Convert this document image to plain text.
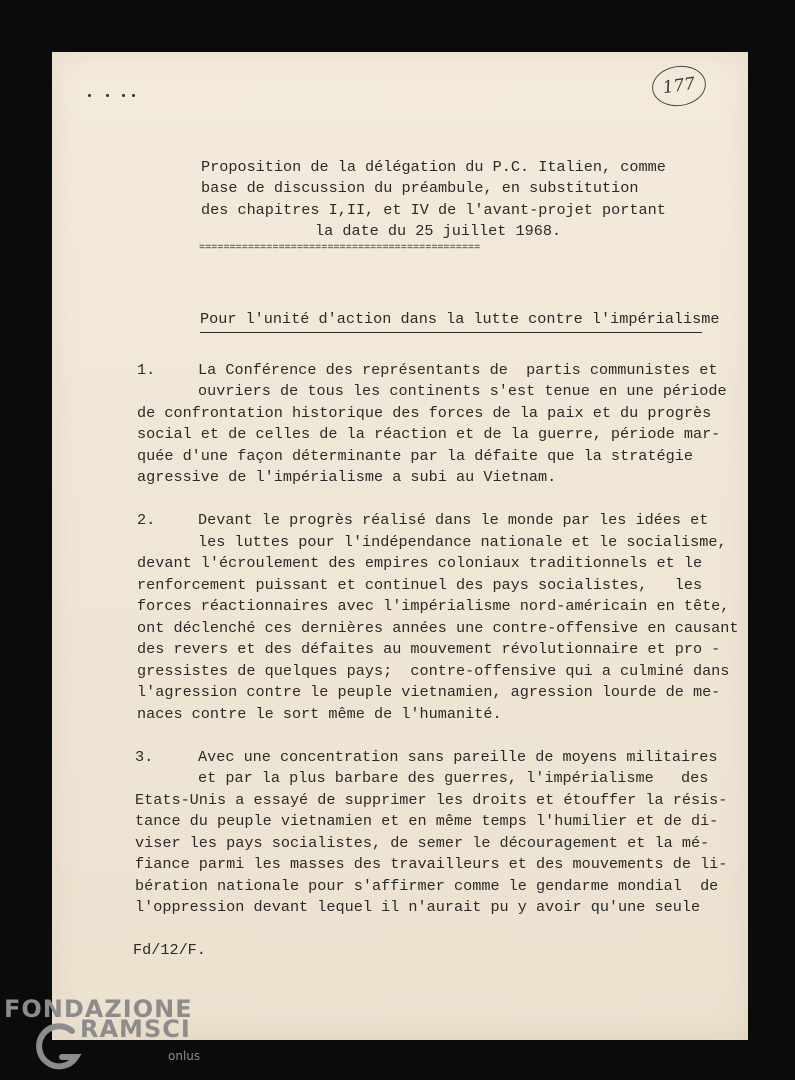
177
Proposition de la délégation du P.C. Italien, comme
base de discussion du préambule, en substitution
des chapitres I,II, et IV de l'avant-projet portant
la date du 25 juillet 1968.
==============================================
Pour l'unité d'action dans la lutte contre l'impérialisme
1.	La Conférence des représentants de  partis communistes et
ouvriers de tous les continents s'est tenue en une période
de confrontation historique des forces de la paix et du progrès
social et de celles de la réaction et de la guerre, période mar-
quée d'une façon déterminante par la défaite que la stratégie
agressive de l'impérialisme a subi au Vietnam.
2.	Devant le progrès réalisé dans le monde par les idées et
les luttes pour l'indépendance nationale et le socialisme,
devant l'écroulement des empires coloniaux traditionnels et le
renforcement puissant et continuel des pays socialistes,   les
forces réactionnaires avec l'impérialisme nord-américain en tête,
ont déclenché ces dernières années une contre-offensive en causant
des revers et des défaites au mouvement révolutionnaire et pro -
gressistes de quelques pays;  contre-offensive qui a culminé dans
l'agression contre le peuple vietnamien, agression lourde de me-
naces contre le sort même de l'humanité.
3.	Avec une concentration sans pareille de moyens militaires
et par la plus barbare des guerres, l'impérialisme   des
Etats-Unis a essayé de supprimer les droits et étouffer la résis-
tance du peuple vietnamien et en même temps l'humilier et de di-
viser les pays socialistes, de semer le découragement et la mé-
fiance parmi les masses des travailleurs et des mouvements de li-
bération nationale pour s'affirmer comme le gendarme mondial  de
l'oppression devant lequel il n'aurait pu y avoir qu'une seule
Fd/12/F.
FONDAZIONE
RAMSCI
onlus
